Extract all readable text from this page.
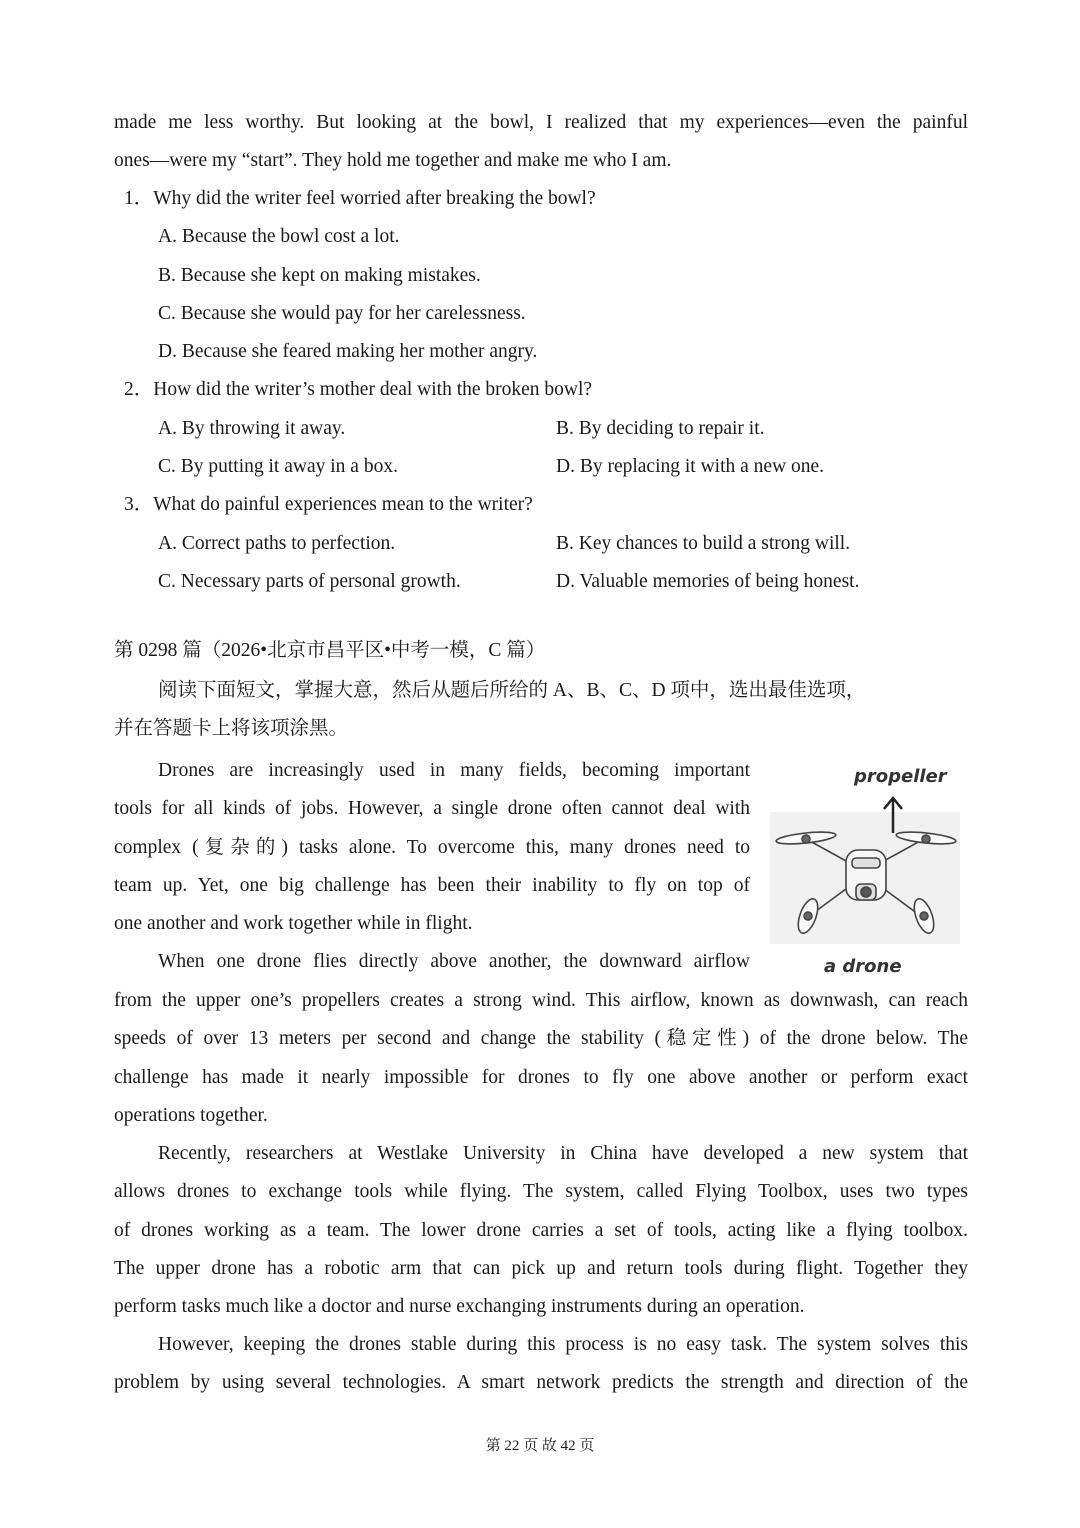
made me less worthy. But looking at the bowl, I realized that my experiences—even the painful
ones—were my “start”. They hold me together and make me who I am.
1．Why did the writer feel worried after breaking the bowl?
A. Because the bowl cost a lot.
B. Because she kept on making mistakes.
C. Because she would pay for her carelessness.
D. Because she feared making her mother angry.
2．How did the writer’s mother deal with the broken bowl?
A. By throwing it away.	B. By deciding to repair it.
C. By putting it away in a box.	D. By replacing it with a new one.
3．What do painful experiences mean to the writer?
A. Correct paths to perfection.	B. Key chances to build a strong will.
C. Necessary parts of personal growth.	D. Valuable memories of being honest.
第 0298 篇（2026•北京市昌平区•中考一模，C 篇）
阅读下面短文，掌握大意，然后从题后所给的 A、B、C、D 项中，选出最佳选项，
并在答题卡上将该项涂黑。
Drones are increasingly used in many fields, becoming important
tools for all kinds of jobs. However, a single drone often cannot deal with
complex (复杂的) tasks alone. To overcome this, many drones need to
team up. Yet, one big challenge has been their inability to fly on top of
one another and work together while in flight.
When one drone flies directly above another, the downward airflow
from the upper one’s propellers creates a strong wind. This airflow, known as downwash, can reach
speeds of over 13 meters per second and change the stability (稳定性) of the drone below. The
challenge has made it nearly impossible for drones to fly one above another or perform exact
operations together.
Recently, researchers at Westlake University in China have developed a new system that
allows drones to exchange tools while flying. The system, called Flying Toolbox, uses two types
of drones working as a team. The lower drone carries a set of tools, acting like a flying toolbox.
The upper drone has a robotic arm that can pick up and return tools during flight. Together they
perform tasks much like a doctor and nurse exchanging instruments during an operation.
However, keeping the drones stable during this process is no easy task. The system solves this
problem by using several technologies. A smart network predicts the strength and direction of the
propeller
a drone
第 22 页 故 42 页
